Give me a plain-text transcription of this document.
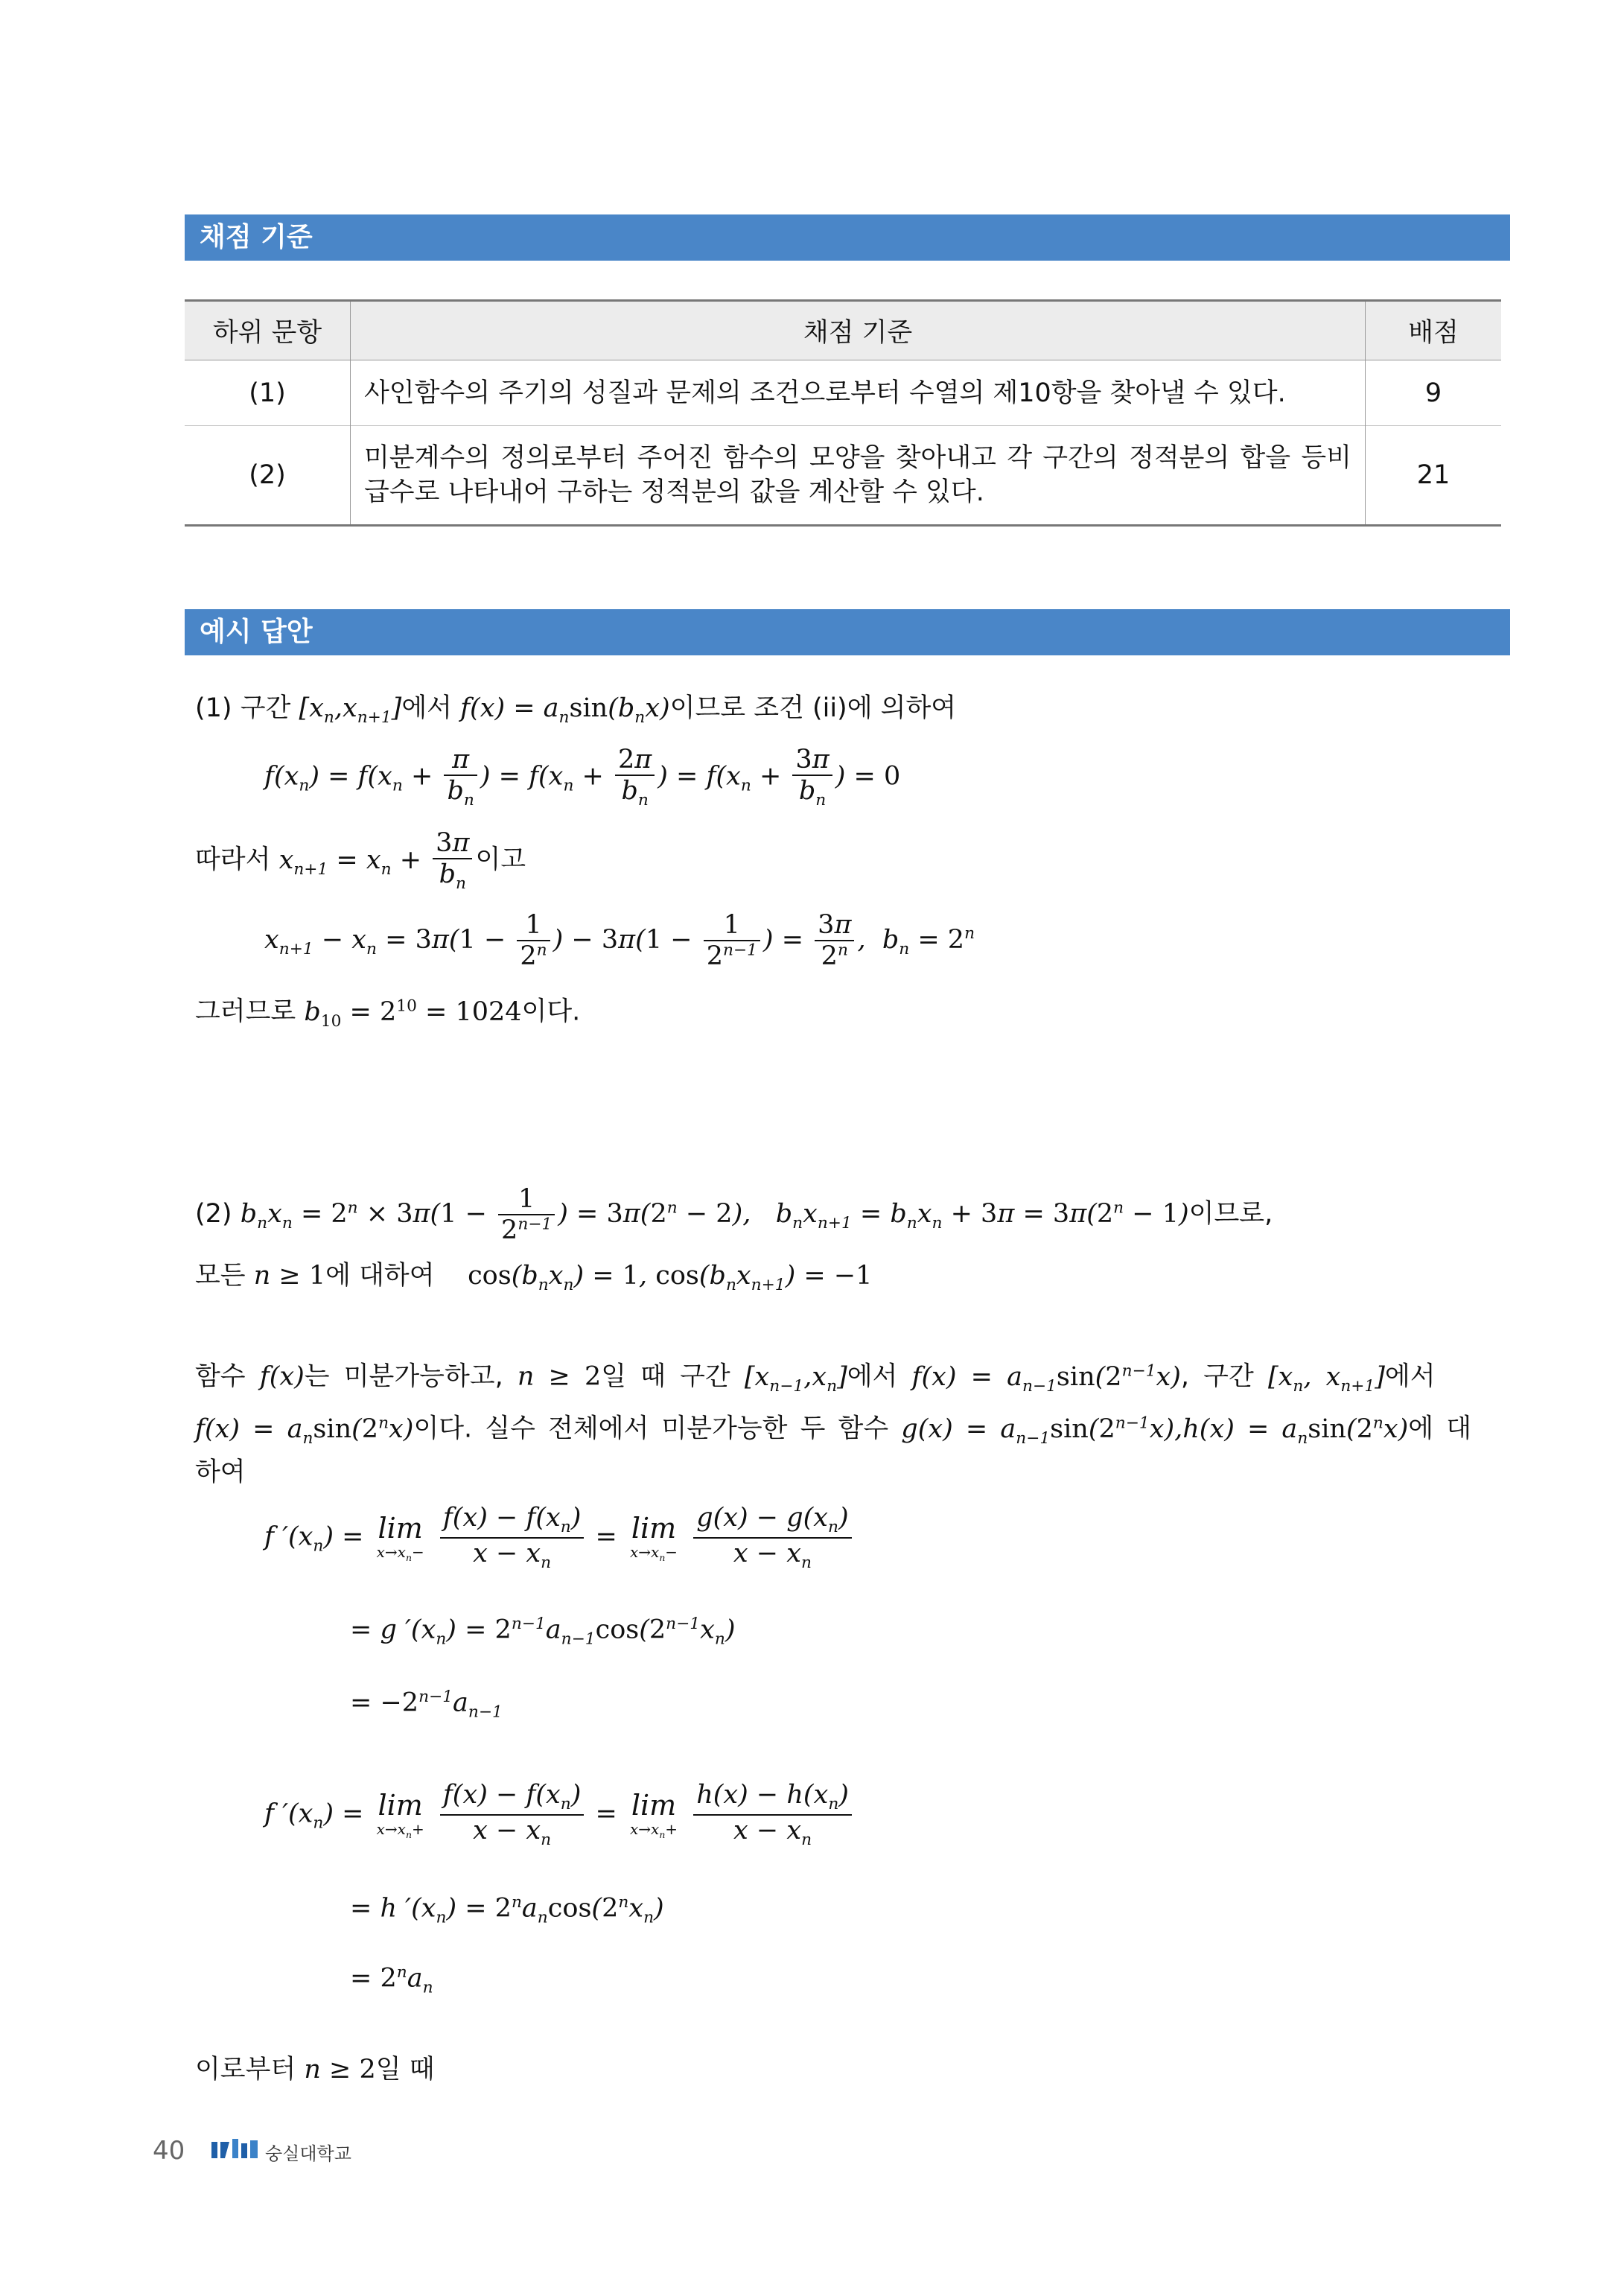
채점 기준
하위 문항	채점 기준	배점
(1)	사인함수의 주기의 성질과 문제의 조건으로부터 수열의 제10항을 찾아낼 수 있다.	9
(2)	미분계수의 정의로부터 주어진 함수의 모양을 찾아내고 각 구간의 정적분의 합을 등비급수로 나타내어 구하는 정적분의 값을 계산할 수 있다.	21
예시 답안
(1) 구간 $[x_n,x_{n+1}]$에서 $f(x) = a_n\sin(b_nx)$이므로 조건 (ii)에 의하여
$f(x_n) = f(x_n + \frac{\pi}{b_n}$ ) = $f(x_n + \frac{2\pi}{b_n}$ ) = $f(x_n + \frac{3\pi}{b_n}$ ) = 0
따라서 $x_{n+1} = x_n + \frac{3\pi}{b_n}$ 이고
$x_{n+1} - x_n = 3\pi(1 - \frac{1}{2^n}$ ) − $3\pi(1 - \frac{1}{2^{n-1}}$ ) = $\frac{3\pi}{2^n}$ ,  $b_n = 2^n$
그러므로 $b_{10} = 2^{10} = 1024$이다.
(2) $b_nx_n = 2^n \times 3\pi(1 - \frac{1}{2^{n-1}}$ ) = $3\pi(2^n - 2)$,   $b_nx_{n+1} = b_nx_n + 3\pi = 3\pi(2^n - 1)$이므로,
모든 n ≥ 1에 대하여 $\cos(b_nx_n) = 1$, $\cos(b_nx_{n+1}) = -1$
함수 f(x)는 미분가능하고, n ≥ 2일 때 구간 $[x_{n-1},x_n]$에서 $f(x) = a_{n-1}\sin(2^{n-1}x)$, 구간 [$x_n$, $x_{n+1}$]에서
$f(x) = a_n\sin(2^nx)$이다. 실수 전체에서 미분가능한 두 함수 $g(x) = a_{n-1}\sin(2^{n-1}x),h(x) = a_n\sin(2^nx)$에 대
하여
f $'(x_n) = \lim$
$x\to x_n-$
$\frac{f(x) - f(x_n)}{x - x_n} = \lim$
$x\to x_n-$
$\frac{g(x) - g(x_n)}{x - x_n}$
= g $'(x_n) = 2^{n-1}a_{n-1}\cos(2^{n-1}x_n)$
= $-2^{n-1}a_{n-1}$
f $'(x_n) = \lim$
$x\to x_n+$
$\frac{f(x) - f(x_n)}{x - x_n} = \lim$
$x\to x_n+$
$\frac{h(x) - h(x_n)}{x - x_n}$
= h $'(x_n) = 2^na_n\cos(2^nx_n)$
= $2^na_n$
이로부터 n ≥ 2일 때
40	숭실대학교
